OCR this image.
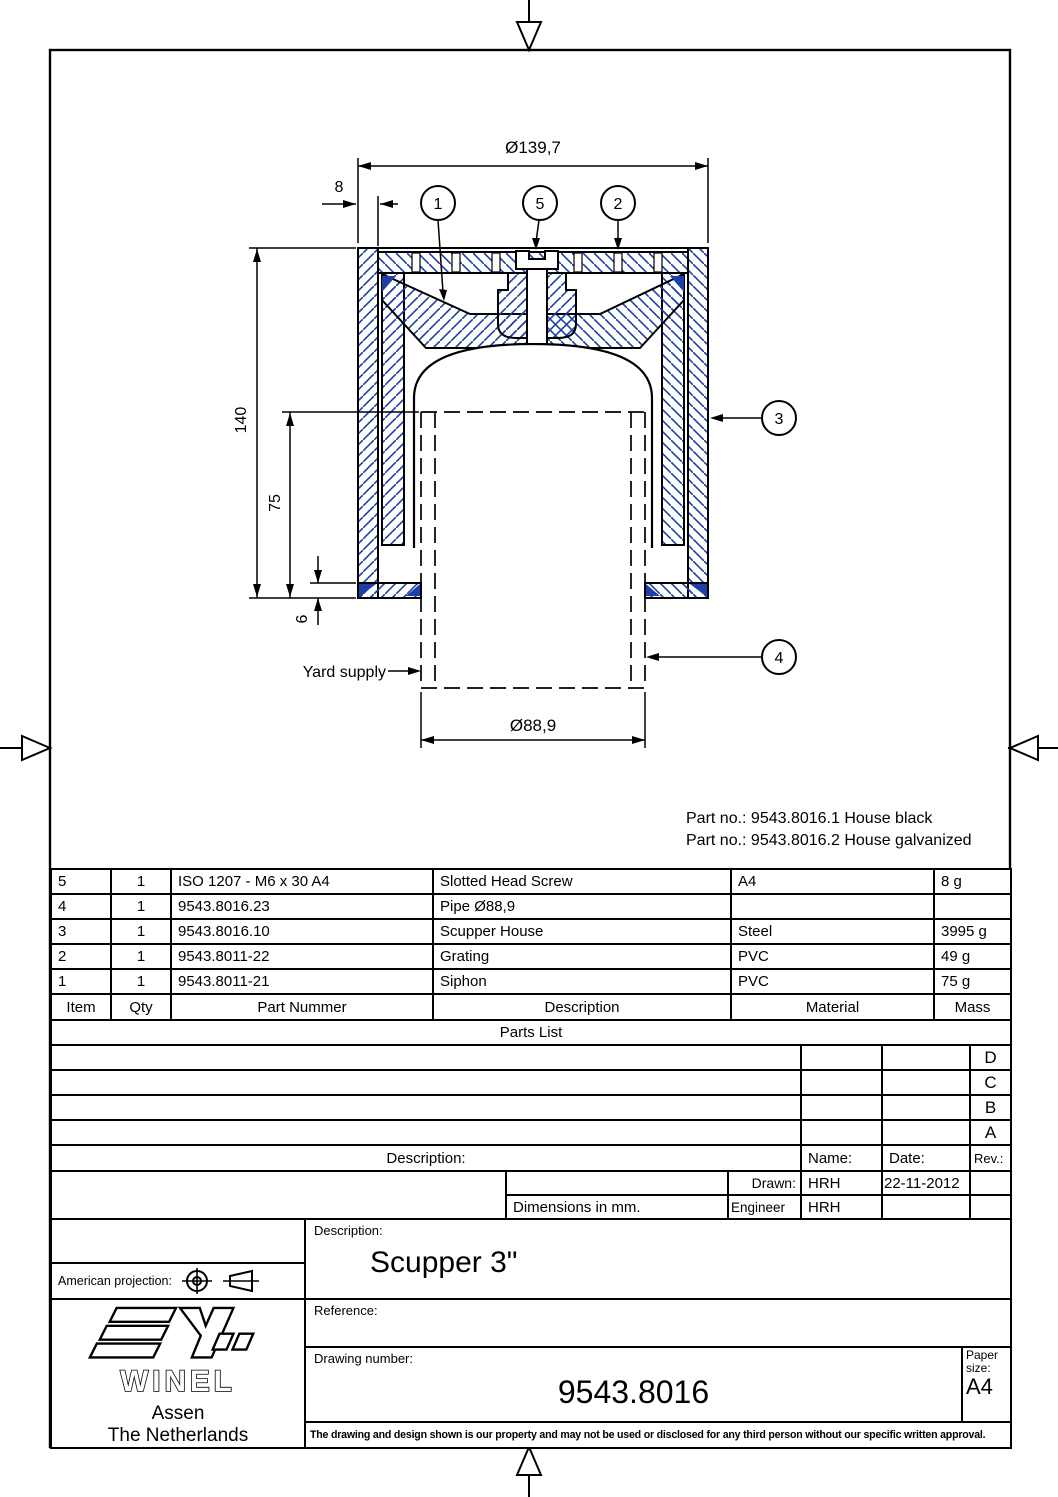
Ø139,7
8
140
75
6
Ø88,9
Yard supply
1	5	2
3
4
Part no.: 9543.8016.1 House black
Part no.: 9543.8016.2 House galvanized
5	1	ISO 1207 - M6 x 30 A4	Slotted Head Screw	A4	8 g
4	1	9543.8016.23	Pipe Ø88,9
3	1	9543.8016.10	Scupper House	Steel	3995 g
2	1	9543.8011-22	Grating	PVC	49 g
1	1	9543.8011-21	Siphon	PVC	75 g
Item	Qty	Part Nummer	Description	Material	Mass
Parts List
D
C
B
A
Description:	Name:	Date:	Rev.:
Drawn: HRH	22-11-2012
Dimensions in mm.	Engineer	HRH
American projection:
Description:
Scupper 3"
WINEL
Assen
The Netherlands
Reference:
Drawing number:
9543.8016
Paper
size:
A4
The drawing and design shown is our property and may not be used or disclosed for any third person without our specific written approval.
